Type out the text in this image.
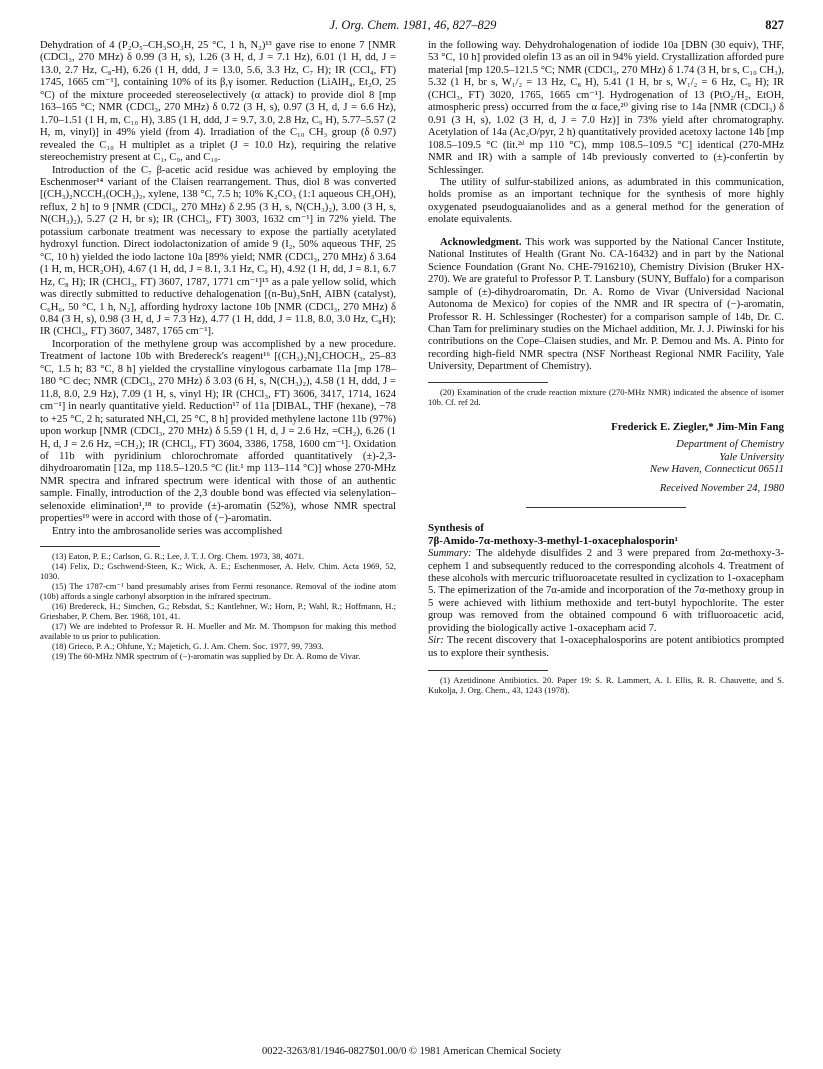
J. Org. Chem. 1981, 46, 827–829	827

Dehydration of 4 (P₂O₅–CH₃SO₃H, 25 °C, 1 h, N₂)¹³ gave rise to enone 7 [NMR (CDCl₃, 270 MHz) δ 0.99 (3 H, s), 1.26 (3 H, d, J = 7.1 Hz), 6.01 (1 H, dd, J = 13.0, 2.7 Hz, C₈-H), 6.26 (1 H, ddd, J = 13.0, 5.6, 3.3 Hz, C₇ H); IR (CCl₄, FT) 1745, 1665 cm⁻¹], containing 10% of its β,γ isomer. Reduction (LiAlH₄, Et₂O, 25 °C) of the mixture proceeded stereoselectively (α attack) to provide diol 8 [mp 163–165 °C; NMR (CDCl₃, 270 MHz) δ 0.72 (3 H, s), 0.97 (3 H, d, J = 6.6 Hz), 1.70–1.51 (1 H, m, C₁₀ H), 3.85 (1 H, ddd, J = 9.7, 3.0, 2.8 Hz, C₉ H), 5.77–5.57 (2 H, m, vinyl)] in 49% yield (from 4). Irradiation of the C₁₀ CH₃ group (δ 0.97) revealed the C₁₀ H multiplet as a triplet (J = 10.0 Hz), requiring the relative stereochemistry present at C₁, C₉, and C₁₀.

Introduction of the C₇ β-acetic acid residue was achieved by employing the Eschenmoser¹⁴ variant of the Claisen rearrangement. Thus, diol 8 was converted [(CH₃)₂NCCH₃(OCH₃)₂, xylene, 138 °C, 7.5 h; 10% K₂CO₃ (1:1 aqueous CH₃OH), reflux, 2 h] to 9 [NMR (CDCl₃, 270 MHz) δ 2.95 (3 H, s, N(CH₃)₂), 3.00 (3 H, s, N(CH₃)₂), 5.27 (2 H, br s); IR (CHCl₃, FT) 3003, 1632 cm⁻¹] in 72% yield. The potassium carbonate treatment was necessary to expose the partially acetylated hydroxyl function. Direct iodolactonization of amide 9 (I₂, 50% aqueous THF, 25 °C, 10 h) yielded the iodo lactone 10a [89% yield; NMR (CDCl₃, 270 MHz) δ 3.64 (1 H, m, HCR₂OH), 4.67 (1 H, dd, J = 8.1, 3.1 Hz, C₉ H), 4.92 (1 H, dd, J = 8.1, 6.7 Hz, C₈ H); IR (CHCl₃, FT) 3607, 1787, 1771 cm⁻¹]¹⁵ as a pale yellow solid, which was directly submitted to reductive dehalogenation [(n-Bu)₃SnH, AIBN (catalyst), C₆H₆, 50 °C, 1 h, N₂], affording hydroxy lactone 10b [NMR (CDCl₃, 270 MHz) δ 0.84 (3 H, s), 0.98 (3 H, d, J = 7.3 Hz), 4.77 (1 H, ddd, J = 11.8, 8.0, 3.0 Hz, C₈H); IR (CHCl₃, FT) 3607, 3487, 1765 cm⁻¹].

Incorporation of the methylene group was accomplished by a new procedure. Treatment of lactone 10b with Bredereck's reagent¹⁶ [(CH₃)₂N]₂CHOCH₃, 25–83 °C, 1.5 h; 83 °C, 8 h] yielded the crystalline vinylogous carbamate 11a [mp 178–180 °C dec; NMR (CDCl₃, 270 MHz) δ 3.03 (6 H, s, N(CH₃)₂), 4.58 (1 H, ddd, J = 11.8, 8.0, 2.9 Hz), 7.09 (1 H, s, vinyl H); IR (CHCl₃, FT) 3606, 3417, 1714, 1624 cm⁻¹] in nearly quantitative yield. Reduction¹⁷ of 11a [DIBAL, THF (hexane), −78 to +25 °C, 2 h; saturated NH₄Cl, 25 °C, 8 h] provided methylene lactone 11b (97%) upon workup [NMR (CDCl₃, 270 MHz) δ 5.59 (1 H, d, J = 2.6 Hz, =CH₂), 6.26 (1 H, d, J = 2.6 Hz, =CH₂); IR (CHCl₃, FT) 3604, 3386, 1758, 1600 cm⁻¹]. Oxidation of 11b with pyridinium chlorochromate afforded quantitatively (±)-2,3-dihydroaromatin [12a, mp 118.5–120.5 °C (lit.¹ mp 113–114 °C)] whose 270-MHz NMR spectra and infrared spectrum were identical with those of an authentic sample. Finally, introduction of the 2,3 double bond was effected via selenylation–selenoxide elimination¹,¹⁸ to provide (±)-aromatin (52%), whose NMR spectral properties¹⁹ were in accord with those of (−)-aromatin.

Entry into the ambrosanolide series was accomplished

(13) Eaton, P. E.; Carlson, G. R.; Lee, J. T. J. Org. Chem. 1973, 38, 4071.

(14) Felix, D.; Gschwend-Steen, K.; Wick, A. E.; Eschenmoser, A. Helv. Chim. Acta 1969, 52, 1030.

(15) The 1787-cm⁻¹ band presumably arises from Fermi resonance. Removal of the iodine atom (10b) affords a single carbonyl absorption in the infrared spectrum.

(16) Bredereck, H.; Simchen, G.; Rebsdat, S.; Kantlehner, W.; Horn, P.; Wahl, R.; Hoffmann, H.; Grieshaber, P. Chem. Ber. 1968, 101, 41.

(17) We are indebted to Professor R. H. Mueller and Mr. M. Thompson for making this method available to us prior to publication.

(18) Grieco, P. A.; Ohfune, Y.; Majetich, G. J. Am. Chem. Soc. 1977, 99, 7393.

(19) The 60-MHz NMR spectrum of (−)-aromatin was supplied by Dr. A. Romo de Vivar.

in the following way. Dehydrohalogenation of iodide 10a [DBN (30 equiv), THF, 53 °C, 10 h] provided olefin 13 as an oil in 94% yield. Crystallization afforded pure material [mp 120.5–121.5 °C; NMR (CDCl₃, 270 MHz) δ 1.74 (3 H, br s, C₁₀ CH₃), 5.32 (1 H, br s, W₁/₂ = 13 Hz, C₈ H), 5.41 (1 H, br s, W₁/₂ = 6 Hz, C₉ H); IR (CHCl₃, FT) 3020, 1765, 1665 cm⁻¹]. Hydrogenation of 13 (PtO₂/H₂, EtOH, atmospheric press) occurred from the α face,²⁰ giving rise to 14a [NMR (CDCl₃) δ 0.91 (3 H, s), 1.02 (3 H, d, J = 7.0 Hz)] in 73% yield after chromatography. Acetylation of 14a (Ac₂O/pyr, 2 h) quantitatively provided acetoxy lactone 14b [mp 108.5–109.5 °C (lit.²ᵈ mp 110 °C), mmp 108.5–109.5 °C] identical (270-MHz NMR and IR) with a sample of 14b previously converted to (±)-confertin by Schlessinger.

The utility of sulfur-stabilized anions, as adumbrated in this communication, holds promise as an important technique for the synthesis of more highly oxygenated pseudoguaianolides and as a general method for the generation of enolate equivalents.

Acknowledgment. This work was supported by the National Cancer Institute, National Institutes of Health (Grant No. CA-16432) and in part by the National Science Foundation (Grant No. CHE-7916210), Chemistry Division (Bruker HX-270). We are grateful to Professor P. T. Lansbury (SUNY, Buffalo) for a comparison sample of (±)-dihydroaromatin, Dr. A. Romo de Vivar (Universidad Nacional Autonoma de Mexico) for copies of the NMR and IR spectra of (−)-aromatin, Professor R. H. Schlessinger (Rochester) for a comparison sample of 14b, Dr. C. Chan Tam for preliminary studies on the Michael addition, Mr. J. J. Piwinski for his contributions on the Cope–Claisen studies, and Mr. P. Demou and Ms. A. Pinto for recording high-field NMR spectra (NSF Northeast Regional NMR Facility, Yale University, Department of Chemistry).

(20) Examination of the crude reaction mixture (270-MHz NMR) indicated the absence of isomer 10b. Cf. ref 2d.

Frederick E. Ziegler,* Jim-Min Fang
Department of Chemistry
Yale University
New Haven, Connecticut 06511
Received November 24, 1980
Synthesis of
7β-Amido-7α-methoxy-3-methyl-1-oxacephalosporin¹

Summary: The aldehyde disulfides 2 and 3 were prepared from 2α-methoxy-3-cephem 1 and subsequently reduced to the corresponding alcohols 4. Treatment of these alcohols with mercuric trifluoroacetate resulted in cyclization to 1-oxacepham 5. The epimerization of the 7α-amide and incorporation of the 7α-methoxy group in 5 were achieved with lithium methoxide and tert-butyl hypochlorite. The ester group was removed from the obtained compound 6 with trifluoroacetic acid, providing the biologically active 1-oxacepham acid 7.

Sir: The recent discovery that 1-oxacephalosporins are potent antibiotics prompted us to explore their synthesis.

(1) Azetidinone Antibiotics. 20. Paper 19: S. R. Lammert, A. I. Ellis, R. R. Chauvette, and S. Kukolja, J. Org. Chem., 43, 1243 (1978).

0022-3263/81/1946-0827$01.00/0 © 1981 American Chemical Society
